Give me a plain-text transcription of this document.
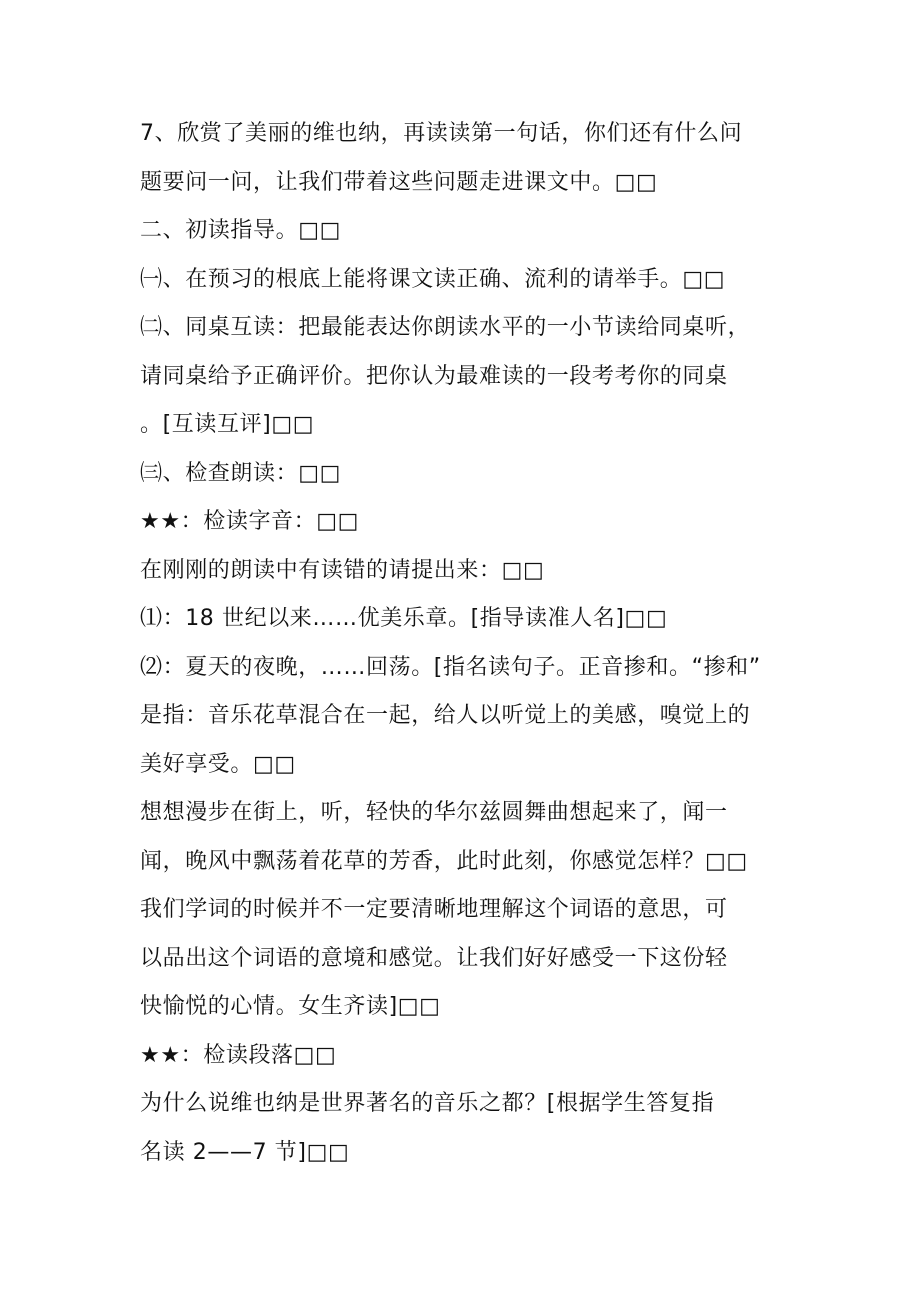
7、欣赏了美丽的维也纳，再读读第一句话，你们还有什么问
题要问一问，让我们带着这些问题走进课文中。□□
二、初读指导。□□
㈠、在预习的根底上能将课文读正确、流利的请举手。□□
㈡、同桌互读：把最能表达你朗读水平的一小节读给同桌听，
请同桌给予正确评价。把你认为最难读的一段考考你的同桌
。[互读互评]□□
㈢、检查朗读：□□
★★：检读字音：□□
在刚刚的朗读中有读错的请提出来：□□
⑴：18 世纪以来……优美乐章。[指导读准人名]□□
⑵：夏天的夜晚，……回荡。[指名读句子。正音掺和。“掺和”
是指：音乐花草混合在一起，给人以听觉上的美感，嗅觉上的
美好享受。□□
想想漫步在街上，听，轻快的华尔兹圆舞曲想起来了，闻一
闻，晚风中飘荡着花草的芳香，此时此刻，你感觉怎样？□□
我们学词的时候并不一定要清晰地理解这个词语的意思，可
以品出这个词语的意境和感觉。让我们好好感受一下这份轻
快愉悦的心情。女生齐读]□□
★★：检读段落□□
为什么说维也纳是世界著名的音乐之都？[根据学生答复指
名读 2——7 节]□□
